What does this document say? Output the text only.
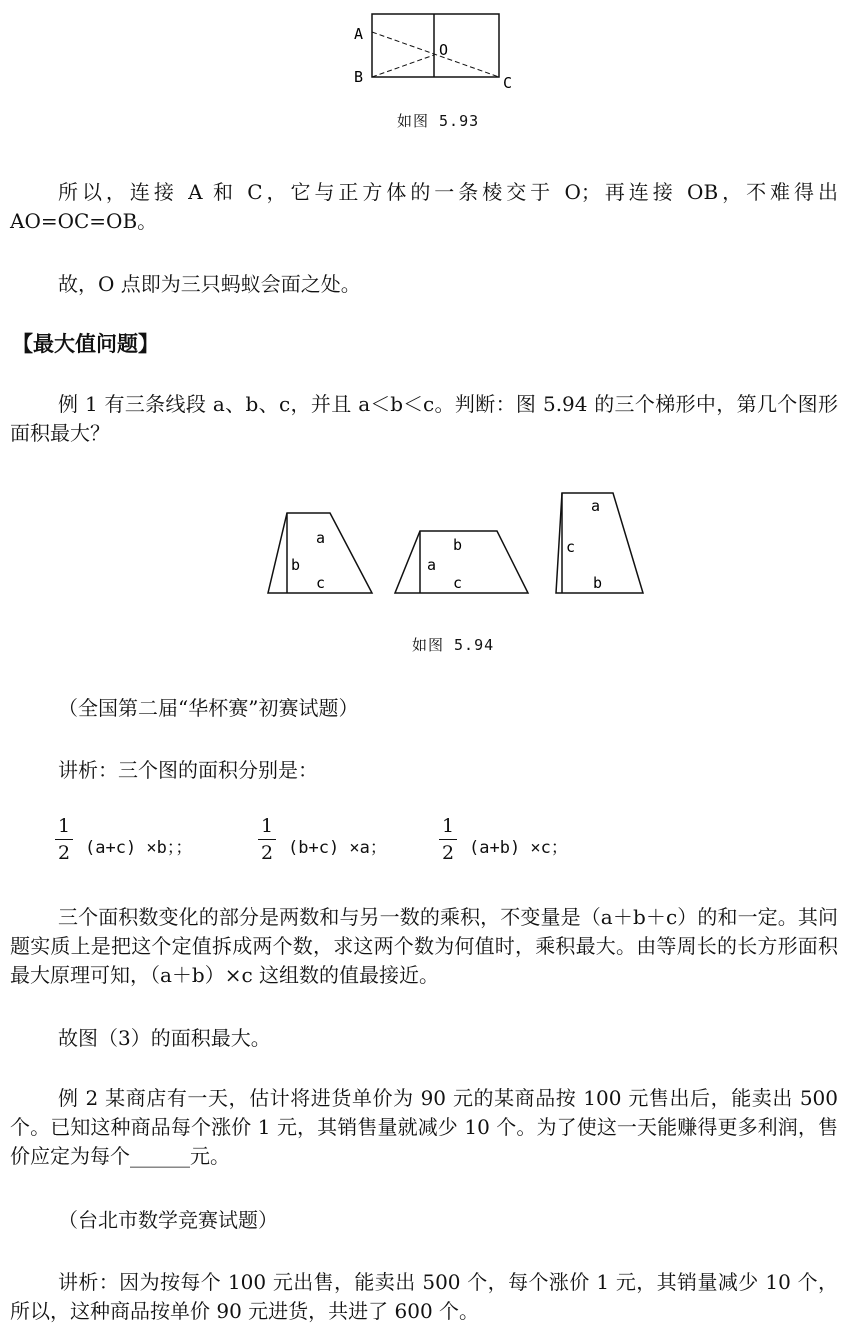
A
B	C
O
如图 5.93

所以，连接 A 和 C，它与正方体的一条棱交于 O；再连接 OB，不难得出 AO=OC=OB。

故，O 点即为三只蚂蚁会面之处。

【最大值问题】

例 1 有三条线段 a、b、c，并且 a＜b＜c。判断：图 5.94 的三个梯形中，第几个图形面积最大？

a
b
c
b
a
c
a
c
b
如图 5.94

（全国第二届“华杯赛”初赛试题）

讲析：三个图的面积分别是：

1
2 (a+c) ×b；；
1
2 (b+c) ×a；
1
2 (a+b) ×c；

三个面积数变化的部分是两数和与另一数的乘积，不变量是（a＋b＋c）的和一定。其问题实质上是把这个定值拆成两个数，求这两个数为何值时，乘积最大。由等周长的长方形面积最大原理可知，（a＋b）×c 这组数的值最接近。

故图（3）的面积最大。

例 2 某商店有一天，估计将进货单价为 90 元的某商品按 100 元售出后，能卖出 500 个。已知这种商品每个涨价 1 元，其销售量就减少 10 个。为了使这一天能赚得更多利润，售价应定为每个______元。

（台北市数学竞赛试题）

讲析：因为按每个 100 元出售，能卖出 500 个，每个涨价 1 元，其销量减少 10 个，所以，这种商品按单价 90 元进货，共进了 600 个。
